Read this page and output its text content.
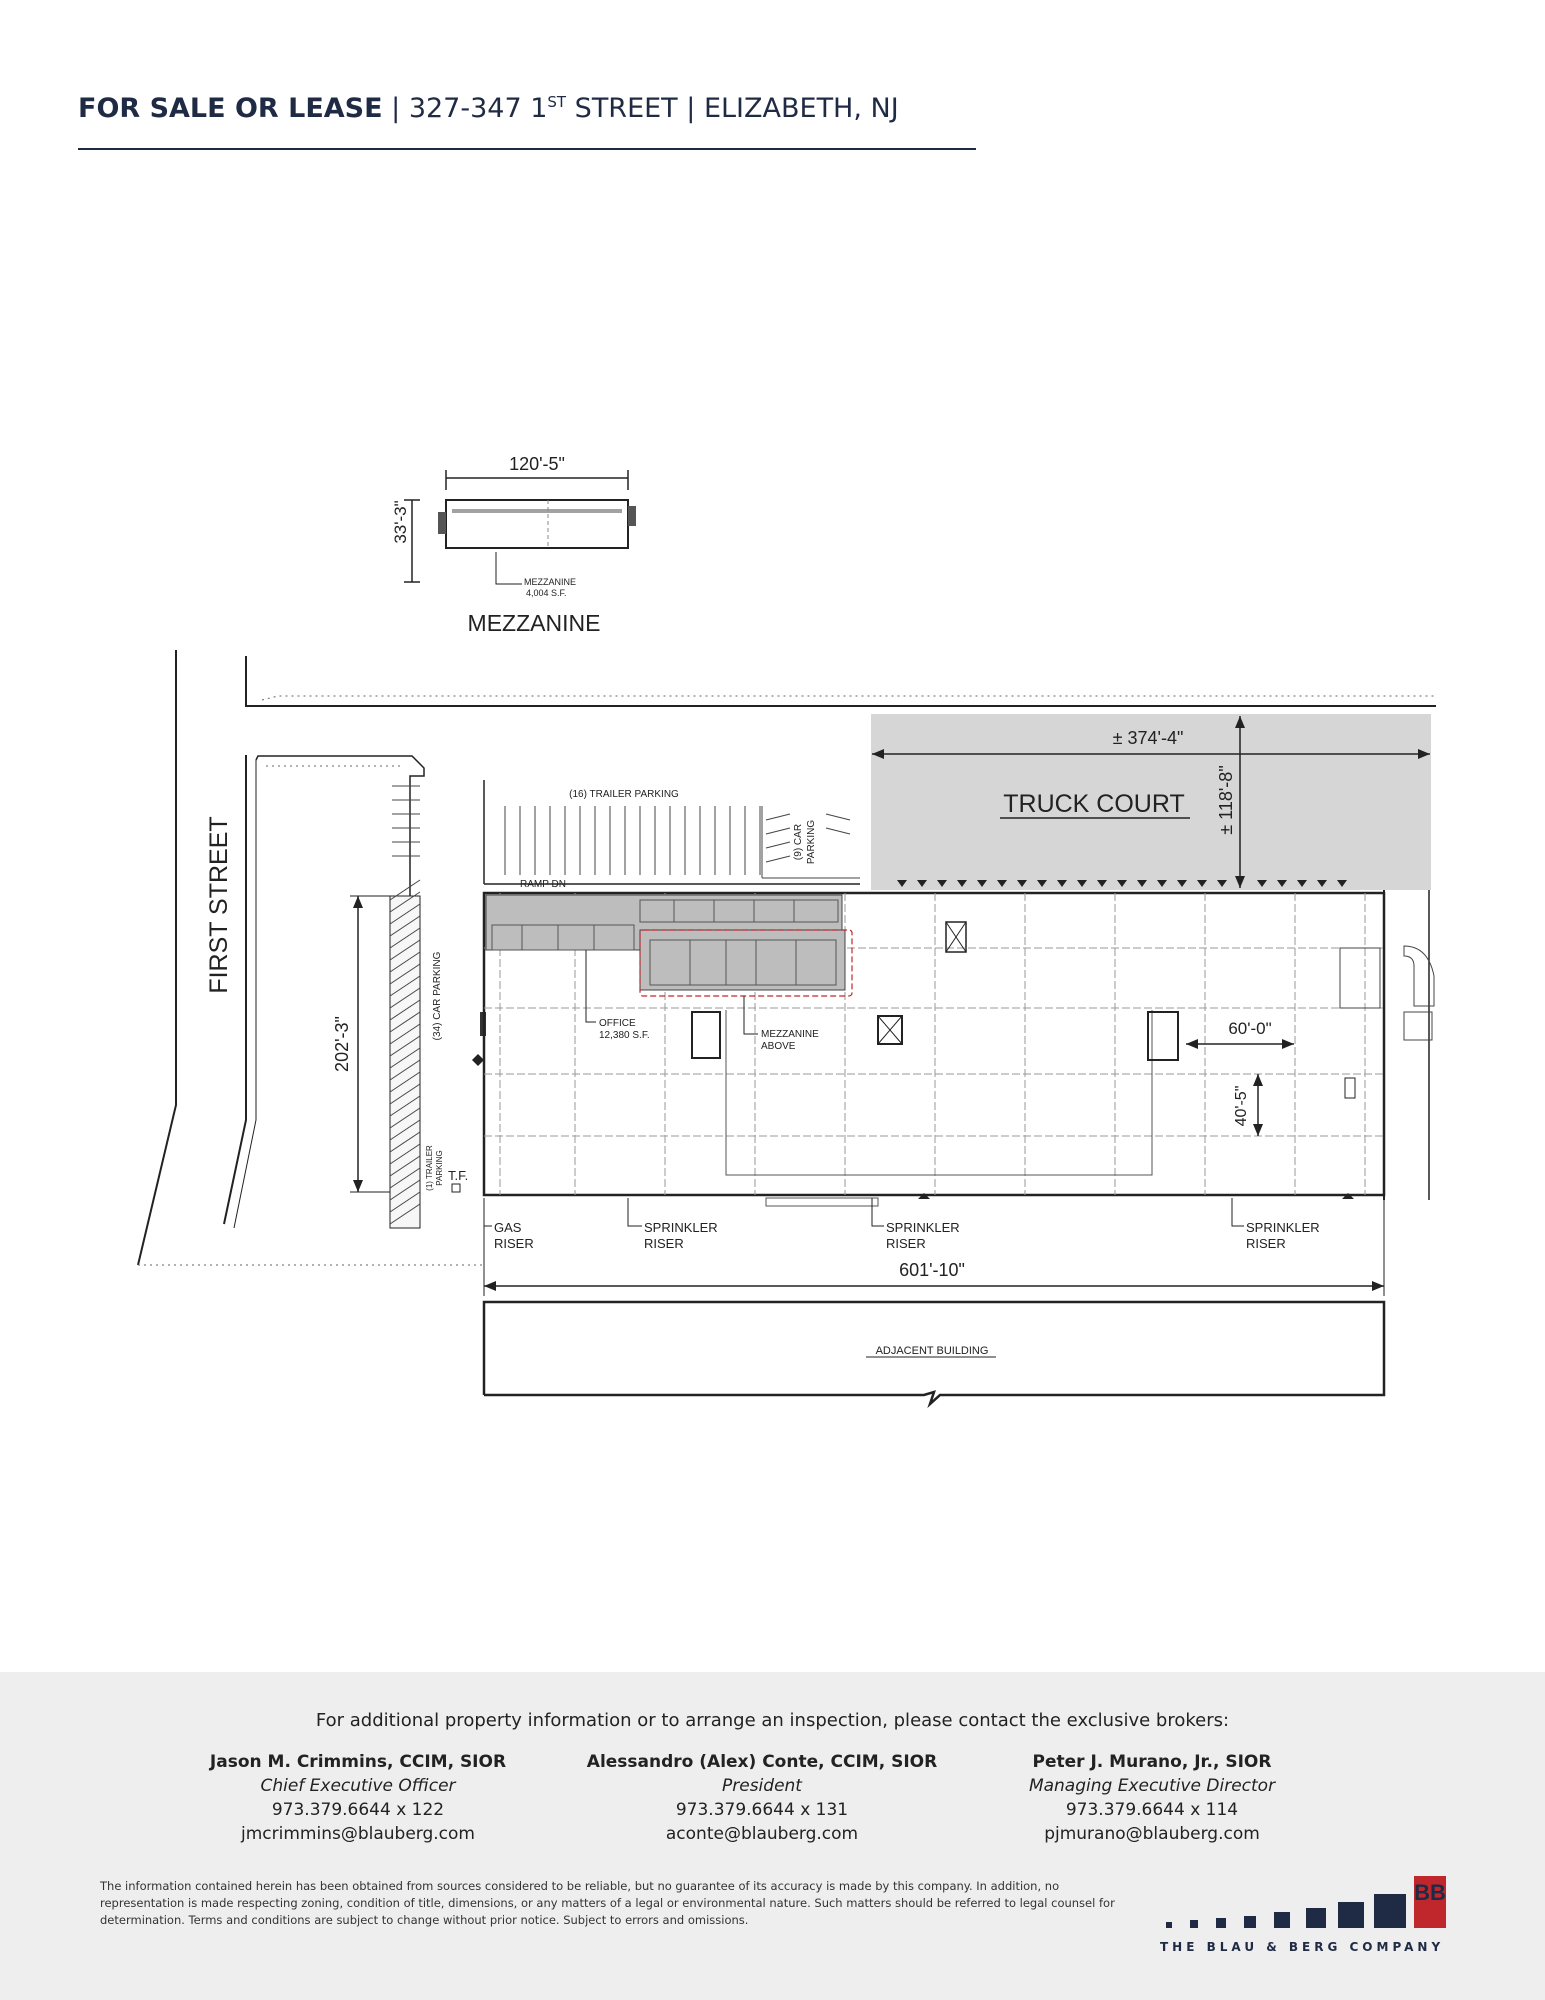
FOR SALE OR LEASE | 327-347 1ST STREET | ELIZABETH, NJ
120'-5"
33'-3"
MEZZANINE
4,004 S.F.
MEZZANINE
FIRST STREET
± 374'-4"
TRUCK COURT ± 118'-8"
(16) TRAILER PARKING
(9) CAR PARKING
RAMP DN
(34) CAR PARKING
(1) TRAILER PARKING T.F.
202'-3"	60'-0"
40'-5"
OFFICE
12,380 S.F.	MEZZANINE
ABOVE
GAS
RISER
SPRINKLER
RISER
SPRINKLER
RISER
SPRINKLER
RISER
601'-10"
ADJACENT BUILDING
For additional property information or to arrange an inspection, please contact the exclusive brokers:
Jason M. Crimmins, CCIM, SIOR
Chief Executive Officer
973.379.6644 x 122
jmcrimmins@blauberg.com
Alessandro (Alex) Conte, CCIM, SIOR
President
973.379.6644 x 131
aconte@blauberg.com
Peter J. Murano, Jr., SIOR
Managing Executive Director
973.379.6644 x 114
pjmurano@blauberg.com
The information contained herein has been obtained from sources considered to be reliable, but no guarantee of its accuracy is made by this company. In addition, no representation is made respecting zoning, condition of title, dimensions, or any matters of a legal or environmental nature. Such matters should be referred to legal counsel for determination. Terms and conditions are subject to change without prior notice. Subject to errors and omissions.
BB
THE BLAU & BERG COMPANY
